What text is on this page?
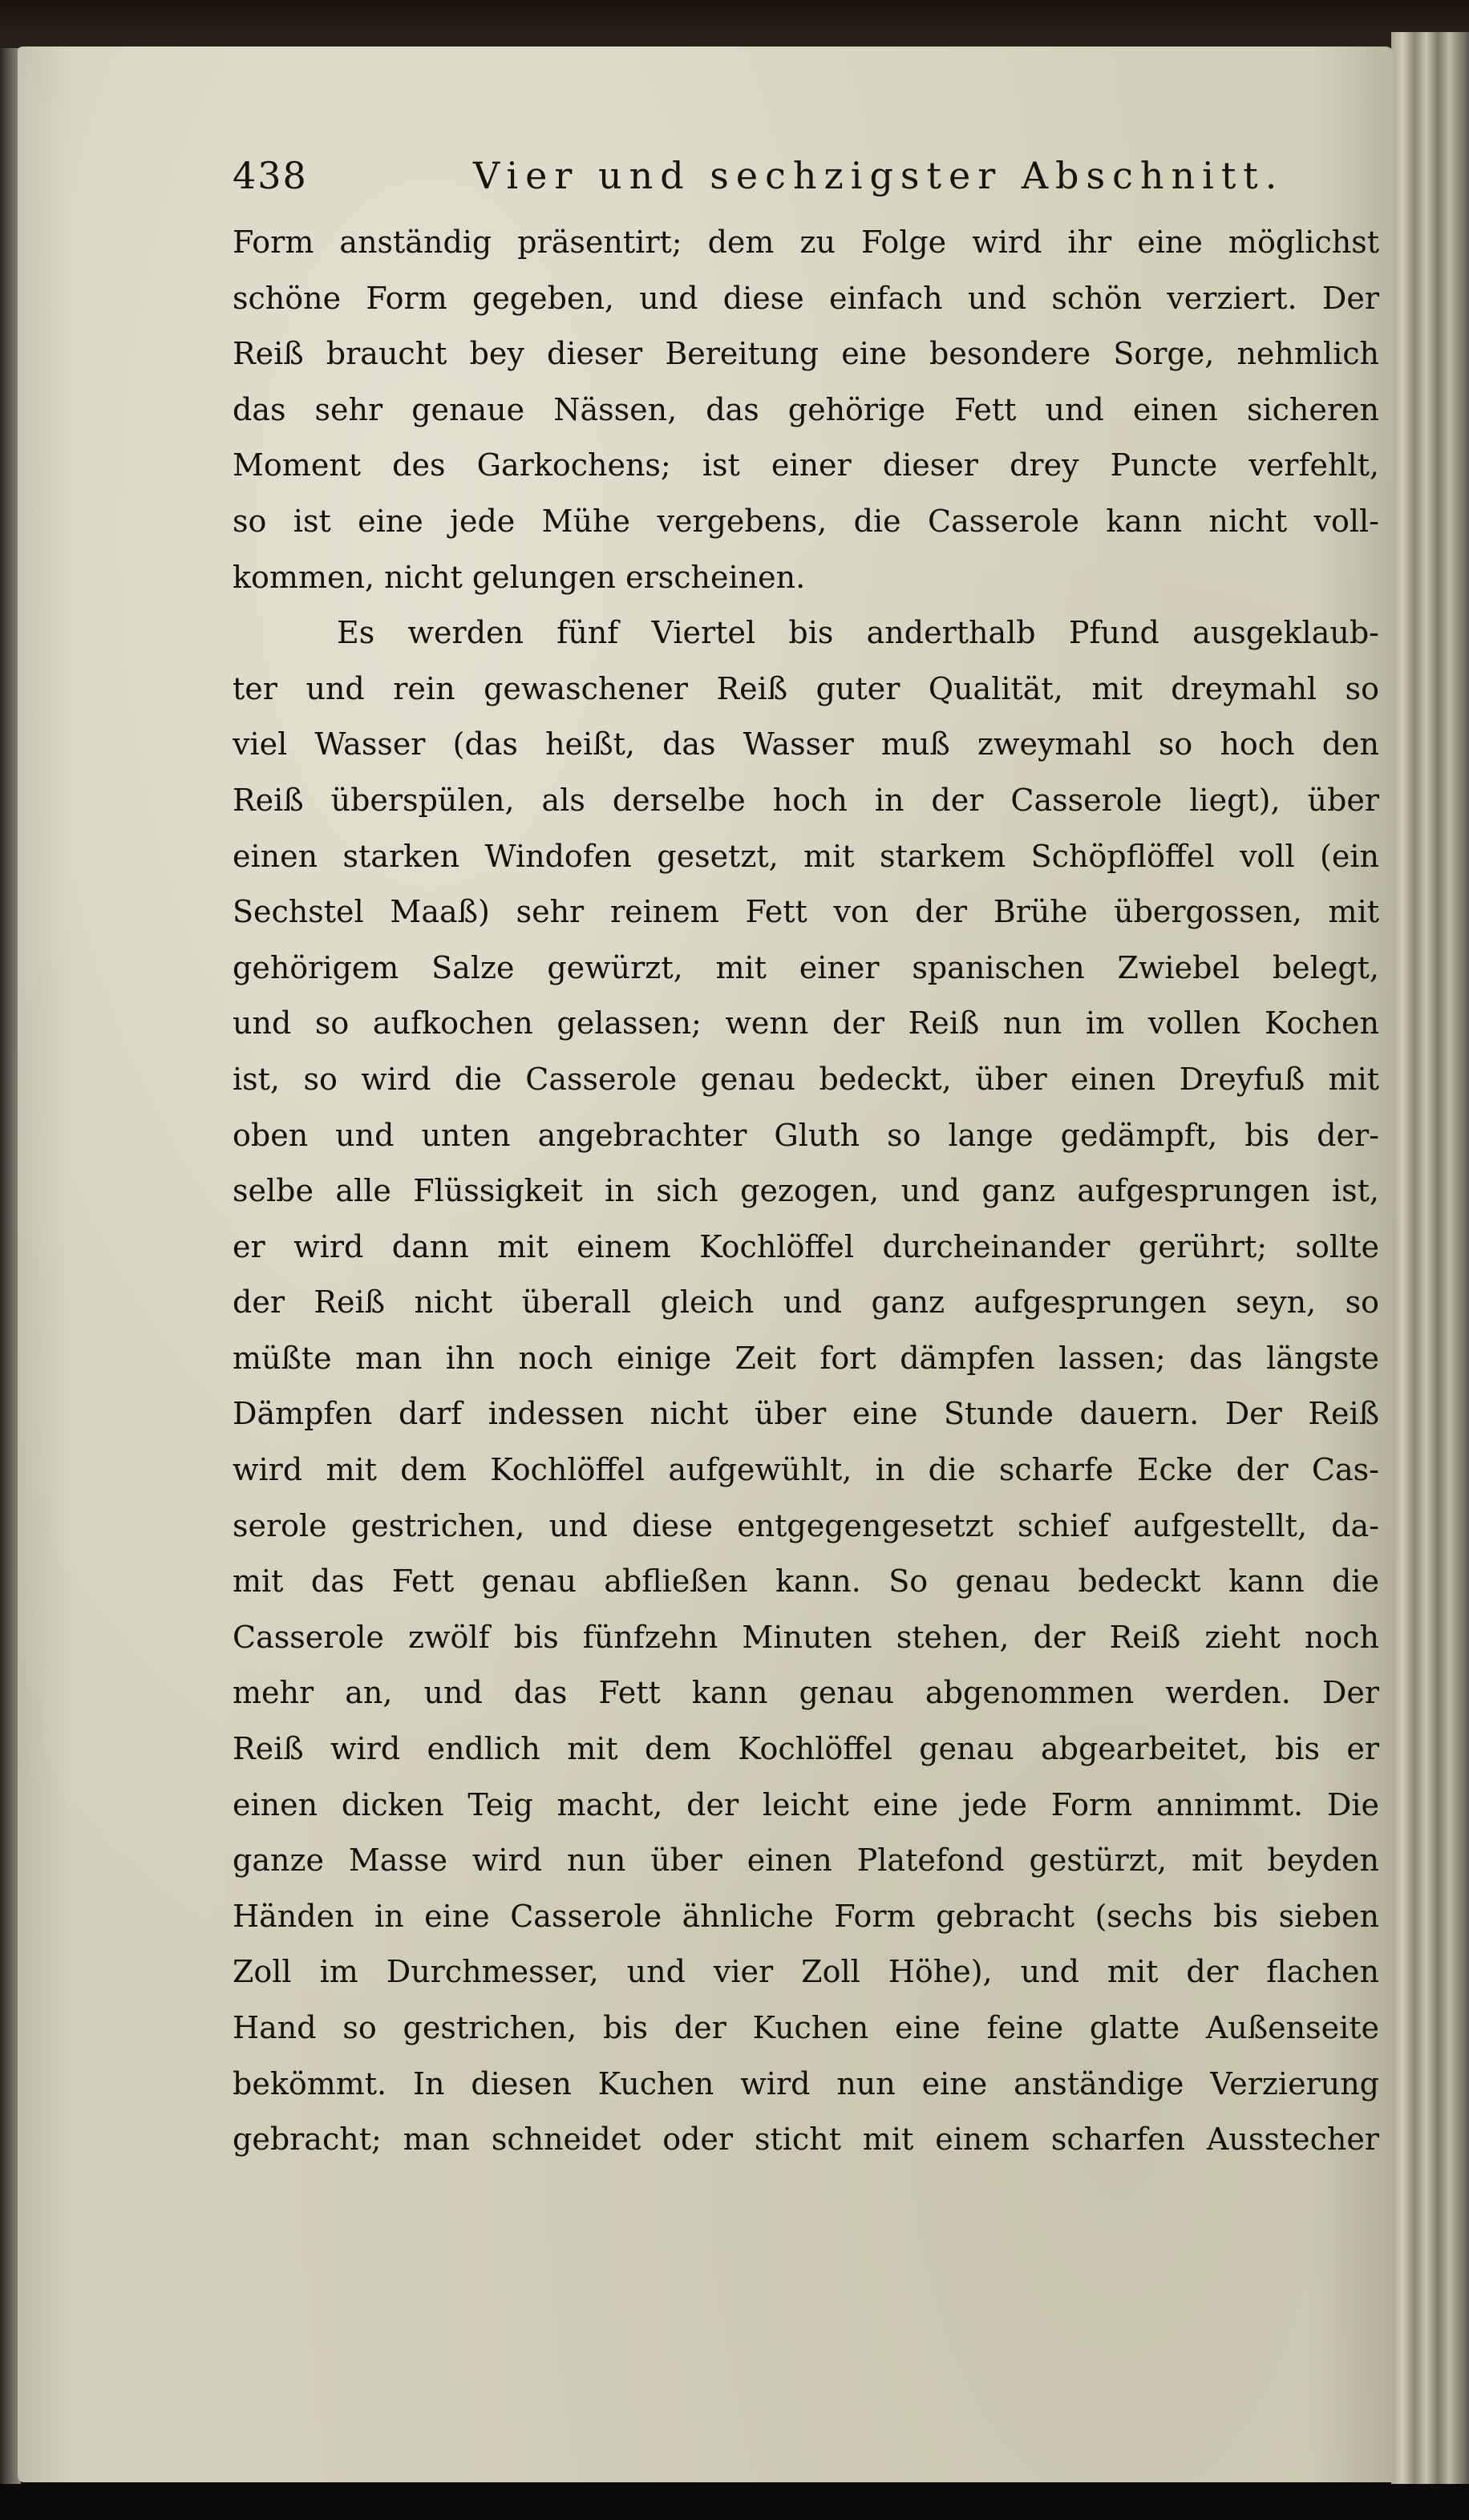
438	Vier und sechzigster Abschnitt.
Form anständig präsentirt; dem zu Folge wird ihr eine möglichst
schöne Form gegeben, und diese einfach und schön verziert. Der
Reiß braucht bey dieser Bereitung eine besondere Sorge, nehmlich
das sehr genaue Nässen, das gehörige Fett und einen sicheren
Moment des Garkochens; ist einer dieser drey Puncte verfehlt,
so ist eine jede Mühe vergebens, die Casserole kann nicht voll-
kommen, nicht gelungen erscheinen.
Es werden fünf Viertel bis anderthalb Pfund ausgeklaub-
ter und rein gewaschener Reiß guter Qualität, mit dreymahl so
viel Wasser (das heißt, das Wasser muß zweymahl so hoch den
Reiß überspülen, als derselbe hoch in der Casserole liegt), über
einen starken Windofen gesetzt, mit starkem Schöpflöffel voll (ein
Sechstel Maaß) sehr reinem Fett von der Brühe übergossen, mit
gehörigem Salze gewürzt, mit einer spanischen Zwiebel belegt,
und so aufkochen gelassen; wenn der Reiß nun im vollen Kochen
ist, so wird die Casserole genau bedeckt, über einen Dreyfuß mit
oben und unten angebrachter Gluth so lange gedämpft, bis der-
selbe alle Flüssigkeit in sich gezogen, und ganz aufgesprungen ist,
er wird dann mit einem Kochlöffel durcheinander gerührt; sollte
der Reiß nicht überall gleich und ganz aufgesprungen seyn, so
müßte man ihn noch einige Zeit fort dämpfen lassen; das längste
Dämpfen darf indessen nicht über eine Stunde dauern. Der Reiß
wird mit dem Kochlöffel aufgewühlt, in die scharfe Ecke der Cas-
serole gestrichen, und diese entgegengesetzt schief aufgestellt, da-
mit das Fett genau abfließen kann. So genau bedeckt kann die
Casserole zwölf bis fünfzehn Minuten stehen, der Reiß zieht noch
mehr an, und das Fett kann genau abgenommen werden. Der
Reiß wird endlich mit dem Kochlöffel genau abgearbeitet, bis er
einen dicken Teig macht, der leicht eine jede Form annimmt. Die
ganze Masse wird nun über einen Platefond gestürzt, mit beyden
Händen in eine Casserole ähnliche Form gebracht (sechs bis sieben
Zoll im Durchmesser, und vier Zoll Höhe), und mit der flachen
Hand so gestrichen, bis der Kuchen eine feine glatte Außenseite
bekömmt. In diesen Kuchen wird nun eine anständige Verzierung
gebracht; man schneidet oder sticht mit einem scharfen Ausstecher
